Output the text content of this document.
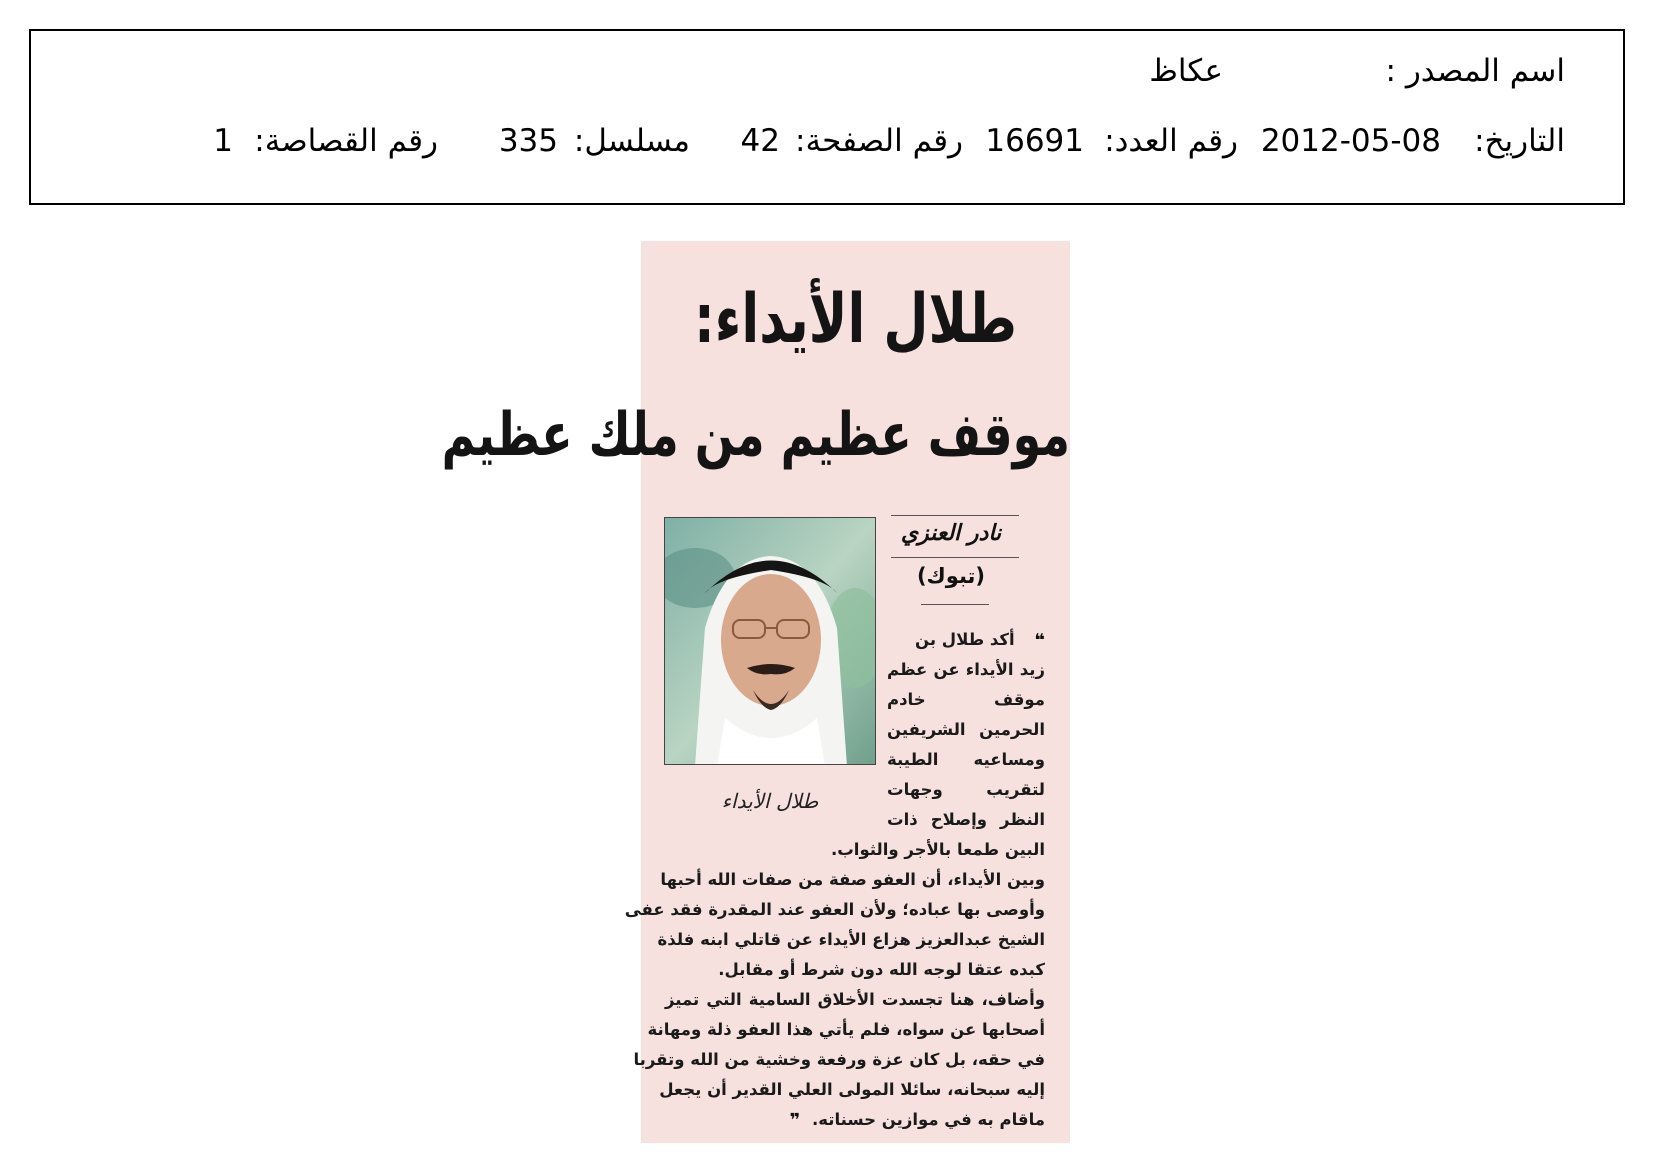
اسم المصدر :
عكاظ
التاريخ:
2012-05-08
رقم العدد:
16691
رقم الصفحة:
42
مسلسل:
335
رقم القصاصة:
1
طلال الأيداء:
موقف عظيم من ملك عظيم
طلال الأيداء
نادر العنزي
(تبوك)
❝ أكد طلال بن
زيد الأيداء عن عظم
موقف خادم
الحرمين الشريفين
ومساعيه الطيبة
لتقريب وجهات
النظر وإصلاح ذات
البين طمعا بالأجر والثواب.
وبين الأيداء، أن العفو صفة من صفات الله أحبها
وأوصى بها عباده؛ ولأن العفو عند المقدرة فقد عفى
الشيخ عبدالعزيز هزاع الأيداء عن قاتلي ابنه فلذة
كبده عتقا لوجه الله دون شرط أو مقابل.
وأضاف، هنا تجسدت الأخلاق السامية التي تميز
أصحابها عن سواه، فلم يأتي هذا العفو ذلة ومهانة
في حقه، بل كان عزة ورفعة وخشية من الله وتقربا
إليه سبحانه، سائلا المولى العلي القدير أن يجعل
ماقام به في موازين حسناته. ❞
